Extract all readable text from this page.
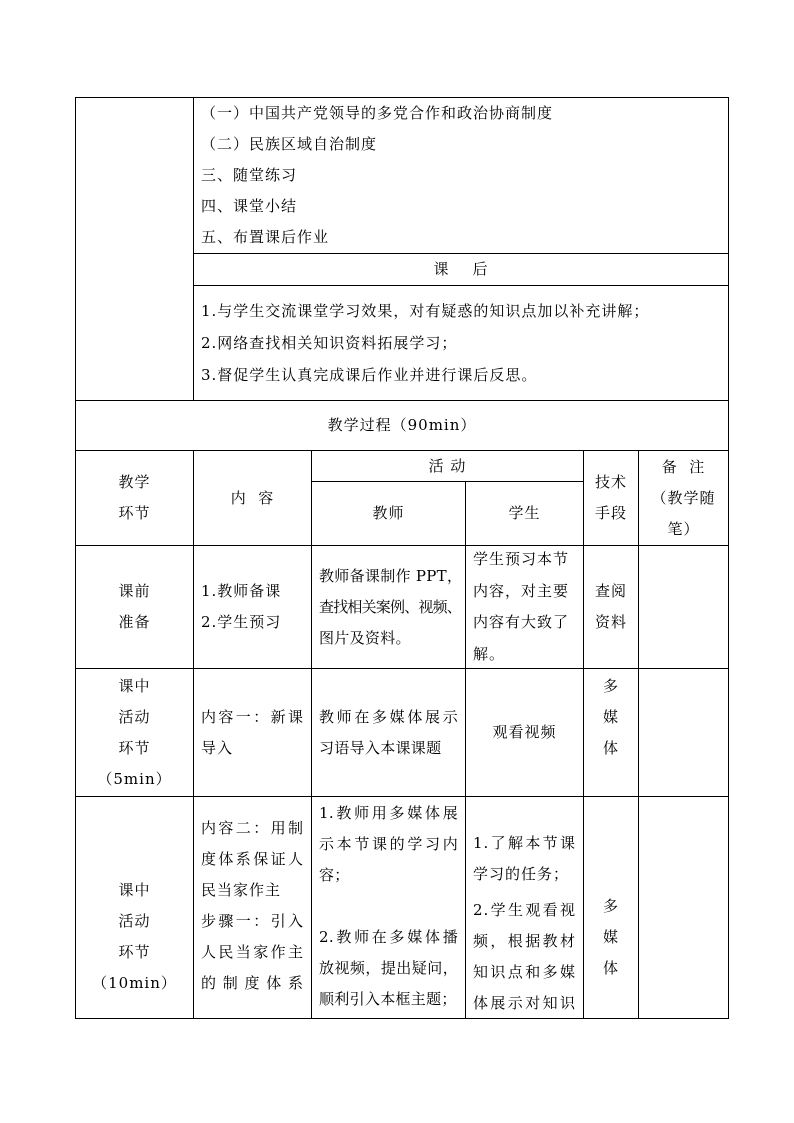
（一）中国共产党领导的多党合作和政治协商制度
（二）民族区域自治制度
三、随堂练习
四、课堂小结
五、布置课后作业
课    后
1.与学生交流课堂学习效果，对有疑惑的知识点加以补充讲解；
2.网络查找相关知识资料拓展学习；
3.督促学生认真完成课后作业并进行课后反思。
教学过程（90min）
教学
环节
内  容
活 动
教师	学生
技术
手段
备  注
（教学随
笔）
课前
准备
1.教师备课
2.学生预习
教师备课制作 PPT，
查找相关案例、视频、
图片及资料。
学生预习本节
内容，对主要
内容有大致了
解。
查阅
资料
课中
活动
环节
（5min）
内容一：新课
导入
教师在多媒体展示
习语导入本课课题
观看视频
多
媒
体
课中
活动
环节
（10min）
内容二：用制
度体系保证人
民当家作主
步骤一：引入
人民当家作主
的制度体系
1.教师用多媒体展
示本节课的学习内
容；
2.教师在多媒体播
放视频，提出疑问，
顺利引入本框主题；
1.了解本节课
学习的任务；
2.学生观看视
频，根据教材
知识点和多媒
体展示对知识
多
媒
体
